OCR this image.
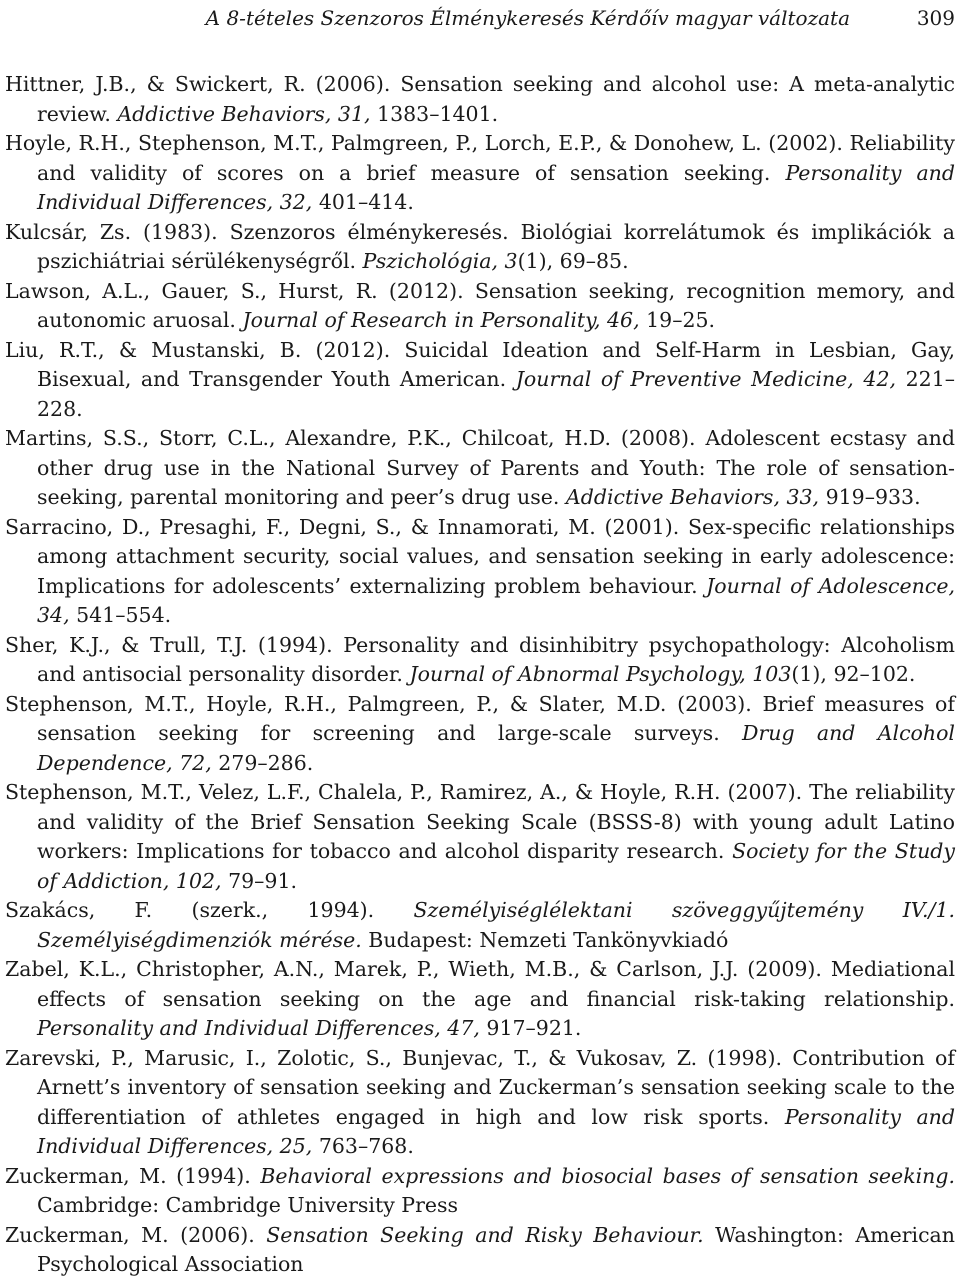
A 8-tételes Szenzoros Élménykeresés Kérdőív magyar változata	309
Hittner, J.B., & Swickert, R. (2006). Sensation seeking and alcohol use: A meta-analytic review. Addictive Behaviors, 31, 1383–1401.
Hoyle, R.H., Stephenson, M.T., Palmgreen, P., Lorch, E.P., & Donohew, L. (2002). Reliability and validity of scores on a brief measure of sensation seeking. Personality and Individual Differences, 32, 401–414.
Kulcsár, Zs. (1983). Szenzoros élménykeresés. Biológiai korrelátumok és implikációk a pszichiátriai sérülékenységről. Pszichológia, 3(1), 69–85.
Lawson, A.L., Gauer, S., Hurst, R. (2012). Sensation seeking, recognition memory, and autonomic aruosal. Journal of Research in Personality, 46, 19–25.
Liu, R.T., & Mustanski, B. (2012). Suicidal Ideation and Self-Harm in Lesbian, Gay, Bisexual, and Transgender Youth American. Journal of Preventive Medicine, 42, 221–228.
Martins, S.S., Storr, C.L., Alexandre, P.K., Chilcoat, H.D. (2008). Adolescent ecstasy and other drug use in the National Survey of Parents and Youth: The role of sensation-seeking, parental monitoring and peer’s drug use. Addictive Behaviors, 33, 919–933.
Sarracino, D., Presaghi, F., Degni, S., & Innamorati, M. (2001). Sex-specific relationships among attachment security, social values, and sensation seeking in early adolescence: Implications for adolescents’ externalizing problem behaviour. Journal of Adolescence, 34, 541–554.
Sher, K.J., & Trull, T.J. (1994). Personality and disinhibitry psychopathology: Alcoholism and antisocial personality disorder. Journal of Abnormal Psychology, 103(1), 92–102.
Stephenson, M.T., Hoyle, R.H., Palmgreen, P., & Slater, M.D. (2003). Brief measures of sensation seeking for screening and large-scale surveys. Drug and Alcohol Dependence, 72, 279–286.
Stephenson, M.T., Velez, L.F., Chalela, P., Ramirez, A., & Hoyle, R.H. (2007). The reliability and validity of the Brief Sensation Seeking Scale (BSSS-8) with young adult Latino workers: Implications for tobacco and alcohol disparity research. Society for the Study of Addiction, 102, 79–91.
Szakács, F. (szerk., 1994). Személyiséglélektani szöveggyűjtemény IV./1. Személyiségdimenziók mérése. Budapest: Nemzeti Tankönyvkiadó
Zabel, K.L., Christopher, A.N., Marek, P., Wieth, M.B., & Carlson, J.J. (2009). Mediational effects of sensation seeking on the age and financial risk-taking relationship. Personality and Individual Differences, 47, 917–921.
Zarevski, P., Marusic, I., Zolotic, S., Bunjevac, T., & Vukosav, Z. (1998). Contribution of Arnett’s inventory of sensation seeking and Zuckerman’s sensation seeking scale to the differentiation of athletes engaged in high and low risk sports. Personality and Individual Differences, 25, 763–768.
Zuckerman, M. (1994). Behavioral expressions and biosocial bases of sensation seeking. Cambridge: Cambridge University Press
Zuckerman, M. (2006). Sensation Seeking and Risky Behaviour. Washington: American Psychological Association
